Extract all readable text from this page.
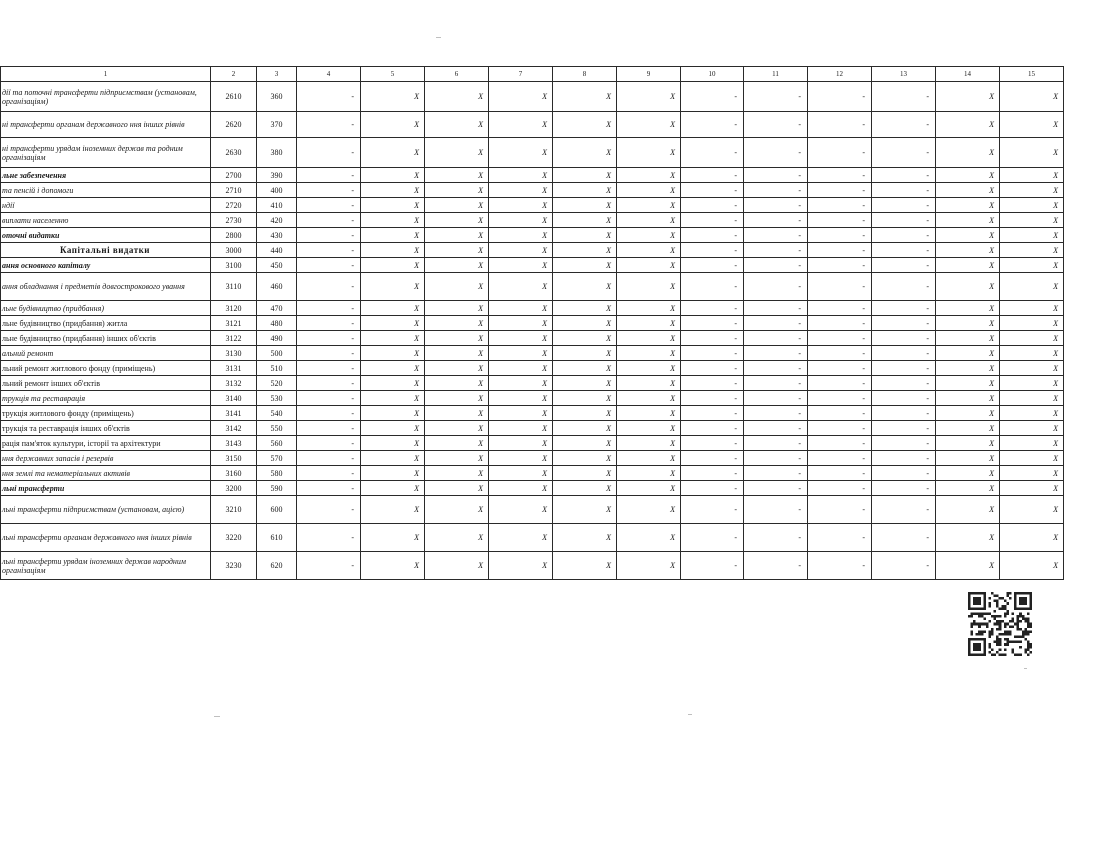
1	2	3	4	5	6	7	8	9	10	11	12	13	14	15
дії та поточні трансферти підприємствам (установам, організаціям)	2610	360	-	X	X	X	X	X	-	-	-	-	X	X
ні трансферти органам державного ння інших рівнів	2620	370	-	X	X	X	X	X	-	-	-	-	X	X
ні трансферти урядам іноземних держав та родним організаціям	2630	380	-	X	X	X	X	X	-	-	-	-	X	X
льне забезпечення	2700	390	-	X	X	X	X	X	-	-	-	-	X	X
та пенсій і допомоги	2710	400	-	X	X	X	X	X	-	-	-	-	X	X
ндії	2720	410	-	X	X	X	X	X	-	-	-	-	X	X
виплати населенню	2730	420	-	X	X	X	X	X	-	-	-	-	X	X
оточні видатки	2800	430	-	X	X	X	X	X	-	-	-	-	X	X
Капітальні видатки	3000	440	-	X	X	X	X	X	-	-	-	-	X	X
ання основного капіталу	3100	450	-	X	X	X	X	X	-	-	-	-	X	X
ання обладнання і предметів довгострокового ування	3110	460	-	X	X	X	X	X	-	-	-	-	X	X
льне будівництво (придбання)	3120	470	-	X	X	X	X	X	-	-	-	-	X	X
льне будівництво (придбання) житла	3121	480	-	X	X	X	X	X	-	-	-	-	X	X
льне будівництво (придбання) інших об'єктів	3122	490	-	X	X	X	X	X	-	-	-	-	X	X
альний ремонт	3130	500	-	X	X	X	X	X	-	-	-	-	X	X
льний ремонт житлового фонду (приміщень)	3131	510	-	X	X	X	X	X	-	-	-	-	X	X
льний ремонт інших об'єктів	3132	520	-	X	X	X	X	X	-	-	-	-	X	X
трукція та реставрація	3140	530	-	X	X	X	X	X	-	-	-	-	X	X
трукція житлового фонду (приміщень)	3141	540	-	X	X	X	X	X	-	-	-	-	X	X
трукція та реставрація інших об'єктів	3142	550	-	X	X	X	X	X	-	-	-	-	X	X
рація пам'яток культури, історії та архітектури	3143	560	-	X	X	X	X	X	-	-	-	-	X	X
ння державних запасів і резервів	3150	570	-	X	X	X	X	X	-	-	-	-	X	X
ння землі та нематеріальних активів	3160	580	-	X	X	X	X	X	-	-	-	-	X	X
льні трансферти	3200	590	-	X	X	X	X	X	-	-	-	-	X	X
льні трансферти підприємствам (установам, ацією)	3210	600	-	X	X	X	X	X	-	-	-	-	X	X
льні трансферти органам державного ння інших рівнів	3220	610	-	X	X	X	X	X	-	-	-	-	X	X
льні трансферти урядам іноземних держав народним організаціям	3230	620	-	X	X	X	X	X	-	-	-	-	X	X
